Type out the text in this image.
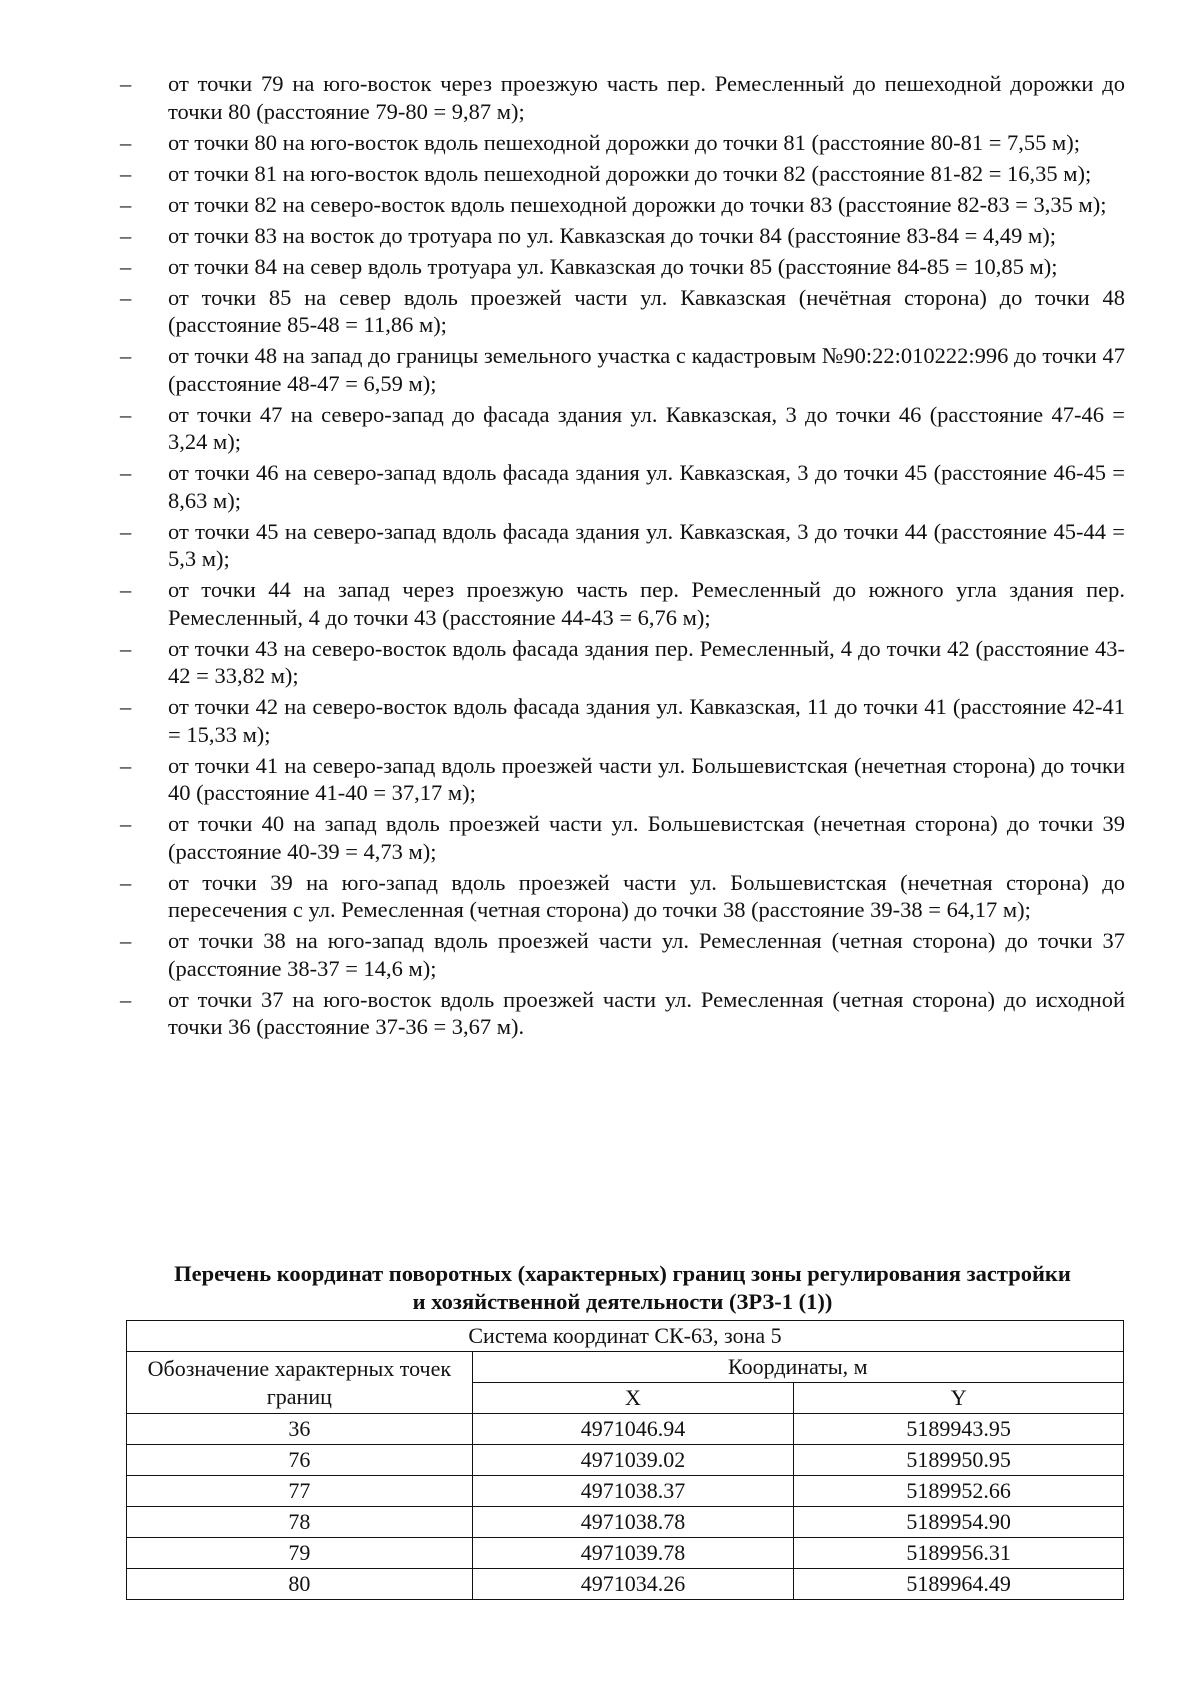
–	от точки 79 на юго-восток через проезжую часть пер. Ремесленный до пешеходной дорожки до точки 80 (расстояние 79-80 = 9,87 м);
–	от точки 80 на юго-восток вдоль пешеходной дорожки до точки 81 (расстояние 80-81 = 7,55 м);
–	от точки 81 на юго-восток вдоль пешеходной дорожки до точки 82 (расстояние 81-82 = 16,35 м);
–	от точки 82 на северо-восток вдоль пешеходной дорожки до точки 83 (расстояние 82-83 = 3,35 м);
–	от точки 83 на восток до тротуара по ул. Кавказская до точки 84 (расстояние 83-84 = 4,49 м);
–	от точки 84 на север вдоль тротуара ул. Кавказская до точки 85 (расстояние 84-85 = 10,85 м);
–	от точки 85 на север вдоль проезжей части ул. Кавказская (нечётная сторона) до точки 48 (расстояние 85-48 = 11,86 м);
–	от точки 48 на запад до границы земельного участка с кадастровым №90:22:010222:996 до точки 47 (расстояние 48-47 = 6,59 м);
–	от точки 47 на северо-запад до фасада здания ул. Кавказская, 3 до точки 46 (расстояние 47-46 = 3,24 м);
–	от точки 46 на северо-запад вдоль фасада здания ул. Кавказская, 3 до точки 45 (расстояние 46-45 = 8,63 м);
–	от точки 45 на северо-запад вдоль фасада здания ул. Кавказская, 3 до точки 44 (расстояние 45-44 = 5,3 м);
–	от точки 44 на запад через проезжую часть пер. Ремесленный до южного угла здания пер. Ремесленный, 4 до точки 43 (расстояние 44-43 = 6,76 м);
–	от точки 43 на северо-восток вдоль фасада здания пер. Ремесленный, 4 до точки 42 (расстояние 43-42 = 33,82 м);
–	от точки 42 на северо-восток вдоль фасада здания ул. Кавказская, 11 до точки 41 (расстояние 42-41 = 15,33 м);
–	от точки 41 на северо-запад вдоль проезжей части ул. Большевистская (нечетная сторона) до точки 40 (расстояние 41-40 = 37,17 м);
–	от точки 40 на запад вдоль проезжей части ул. Большевистская (нечетная сторона) до точки 39 (расстояние 40-39 = 4,73 м);
–	от точки 39 на юго-запад вдоль проезжей части ул. Большевистская (нечетная сторона) до пересечения с ул. Ремесленная (четная сторона) до точки 38 (расстояние 39-38 = 64,17 м);
–	от точки 38 на юго-запад вдоль проезжей части ул. Ремесленная (четная сторона) до точки 37 (расстояние 38-37 = 14,6 м);
–	от точки 37 на юго-восток вдоль проезжей части ул. Ремесленная (четная сторона) до исходной точки 36 (расстояние 37-36 = 3,67 м).
Перечень координат поворотных (характерных) границ зоны регулирования застройки
и хозяйственной деятельности (ЗРЗ-1 (1))
Система координат СК-63, зона 5		
Обозначение характерных точек границ	Координаты, м	
	X	Y
36	4971046.94	5189943.95
76	4971039.02	5189950.95
77	4971038.37	5189952.66
78	4971038.78	5189954.90
79	4971039.78	5189956.31
80	4971034.26	5189964.49
